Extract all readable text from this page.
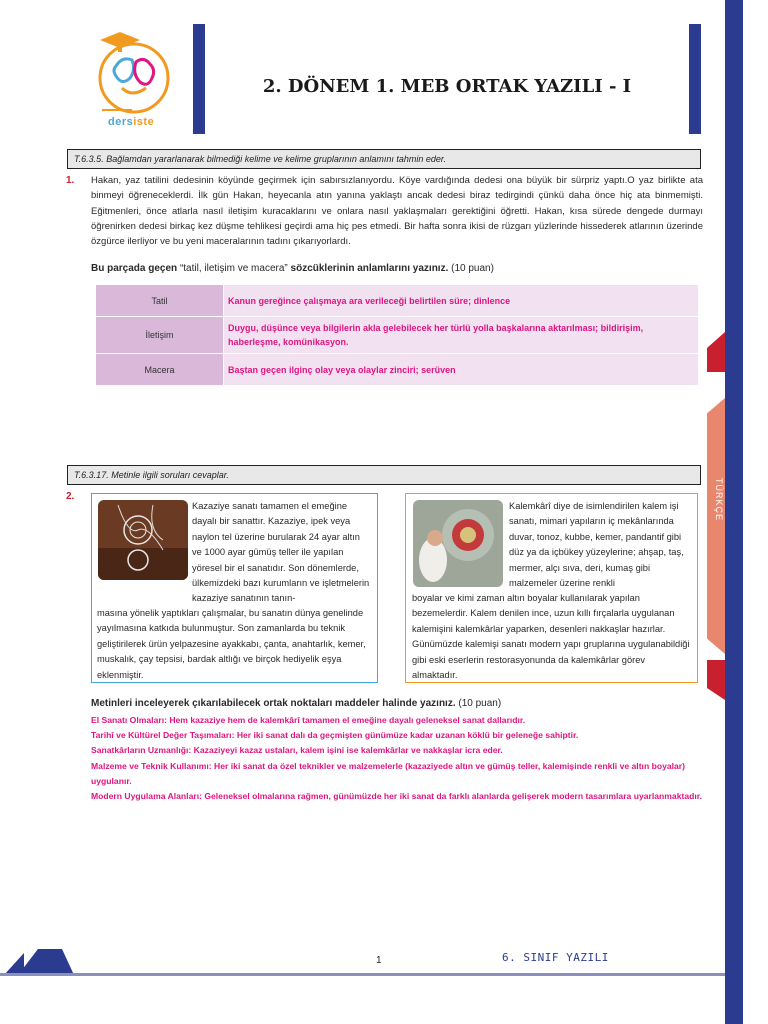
TÜRKÇE
dersiste
2. DÖNEM 1. MEB ORTAK YAZILI - I
T.6.3.5. Bağlamdan yararlanarak bilmediği kelime ve kelime gruplarının anlamını tahmin eder.
1. Hakan, yaz tatilini dedesinin köyünde geçirmek için sabırsızlanıyordu. Köye vardığında dedesi ona büyük bir sürpriz yaptı.O yaz birlikte ata binmeyi öğreneceklerdi. İlk gün Hakan, heyecanla atın yanına yaklaştı ancak dedesi biraz tedirgindi çünkü daha önce hiç ata binmemişti. Eğitmenleri, önce atlarla nasıl iletişim kuracaklarını ve onlara nasıl yaklaşmaları gerektiğini öğretti. Hakan, kısa sürede dengede durmayı öğrenirken dedesi birkaç kez düşme tehlikesi geçirdi ama hiç pes etmedi. Bir hafta sonra ikisi de rüzgarı yüzlerinde hissederek atlarının üzerinde özgürce ilerliyor ve bu yeni maceralarının tadını çıkarıyorlardı.
Bu parçada geçen “tatil, iletişim ve macera” sözcüklerinin anlamlarını yazınız. (10 puan)
Tatil	Kanun gereğince çalışmaya ara verileceği belirtilen süre; dinlence
İletişim	Duygu, düşünce veya bilgilerin akla gelebilecek her türlü yolla başkalarına aktarılması; bildirişim, haberleşme, komünikasyon.
Macera	Baştan geçen ilginç olay veya olaylar zinciri; serüven
T.6.3.17. Metinle ilgili soruları cevaplar.
2.
Kazaziye sanatı tamamen el emeğine dayalı bir sanattır. Kazaziye, ipek veya naylon tel üzerine burularak 24 ayar altın ve 1000 ayar gümüş teller ile yapılan yöresel bir el sanatıdır. Son dönemlerde, ülkemizdeki bazı kurumların ve işletmelerin kazaziye sanatının tanın-
masına yönelik yaptıkları çalışmalar, bu sanatın dünya genelinde yayılmasına katkıda bulunmuştur. Son zamanlarda bu teknik geliştirilerek ürün yelpazesine ayakkabı, çanta, anahtarlık, kemer, muskalık, çay tepsisi, bardak altlığı ve birçok hediyelik eşya eklenmiştir.
Kalemkârî diye de isimlendirilen kalem işi sanatı, mimari yapıların iç mekânlarında duvar, tonoz, kubbe, kemer, pandantif gibi düz ya da içbükey yüzeylerine; ahşap, taş, mermer, alçı sıva, deri, kumaş gibi malzemeler üzerine renkli
boyalar ve kimi zaman altın boyalar kullanılarak yapılan bezemelerdir. Kalem denilen ince, uzun kıllı fırçalarla uygulanan kalemişini kalemkârlar yaparken, desenleri nakkaşlar hazırlar. Günümüzde kalemişi sanatı modern yapı gruplarına uygulanabildiği gibi eski eserlerin restorasyonunda da kalemkârlar görev almaktadır.
Metinleri inceleyerek çıkarılabilecek ortak noktaları maddeler halinde yazınız. (10 puan)
El Sanatı Olmaları: Hem kazaziye hem de kalemkârî tamamen el emeğine dayalı geleneksel sanat dallarıdır.
Tarihî ve Kültürel Değer Taşımaları: Her iki sanat dalı da geçmişten günümüze kadar uzanan köklü bir geleneğe sahiptir.
Sanatkârların Uzmanlığı: Kazaziyeyi kazaz ustaları, kalem işini ise kalemkârlar ve nakkaşlar icra eder.
Malzeme ve Teknik Kullanımı: Her iki sanat da özel teknikler ve malzemelerle (kazaziyede altın ve gümüş teller, kalemişinde renkli ve altın boyalar) uygulanır.
Modern Uygulama Alanları: Geleneksel olmalarına rağmen, günümüzde her iki sanat da farklı alanlarda gelişerek modern tasarımlara uyarlanmaktadır.
1	6. SINIF YAZILI
